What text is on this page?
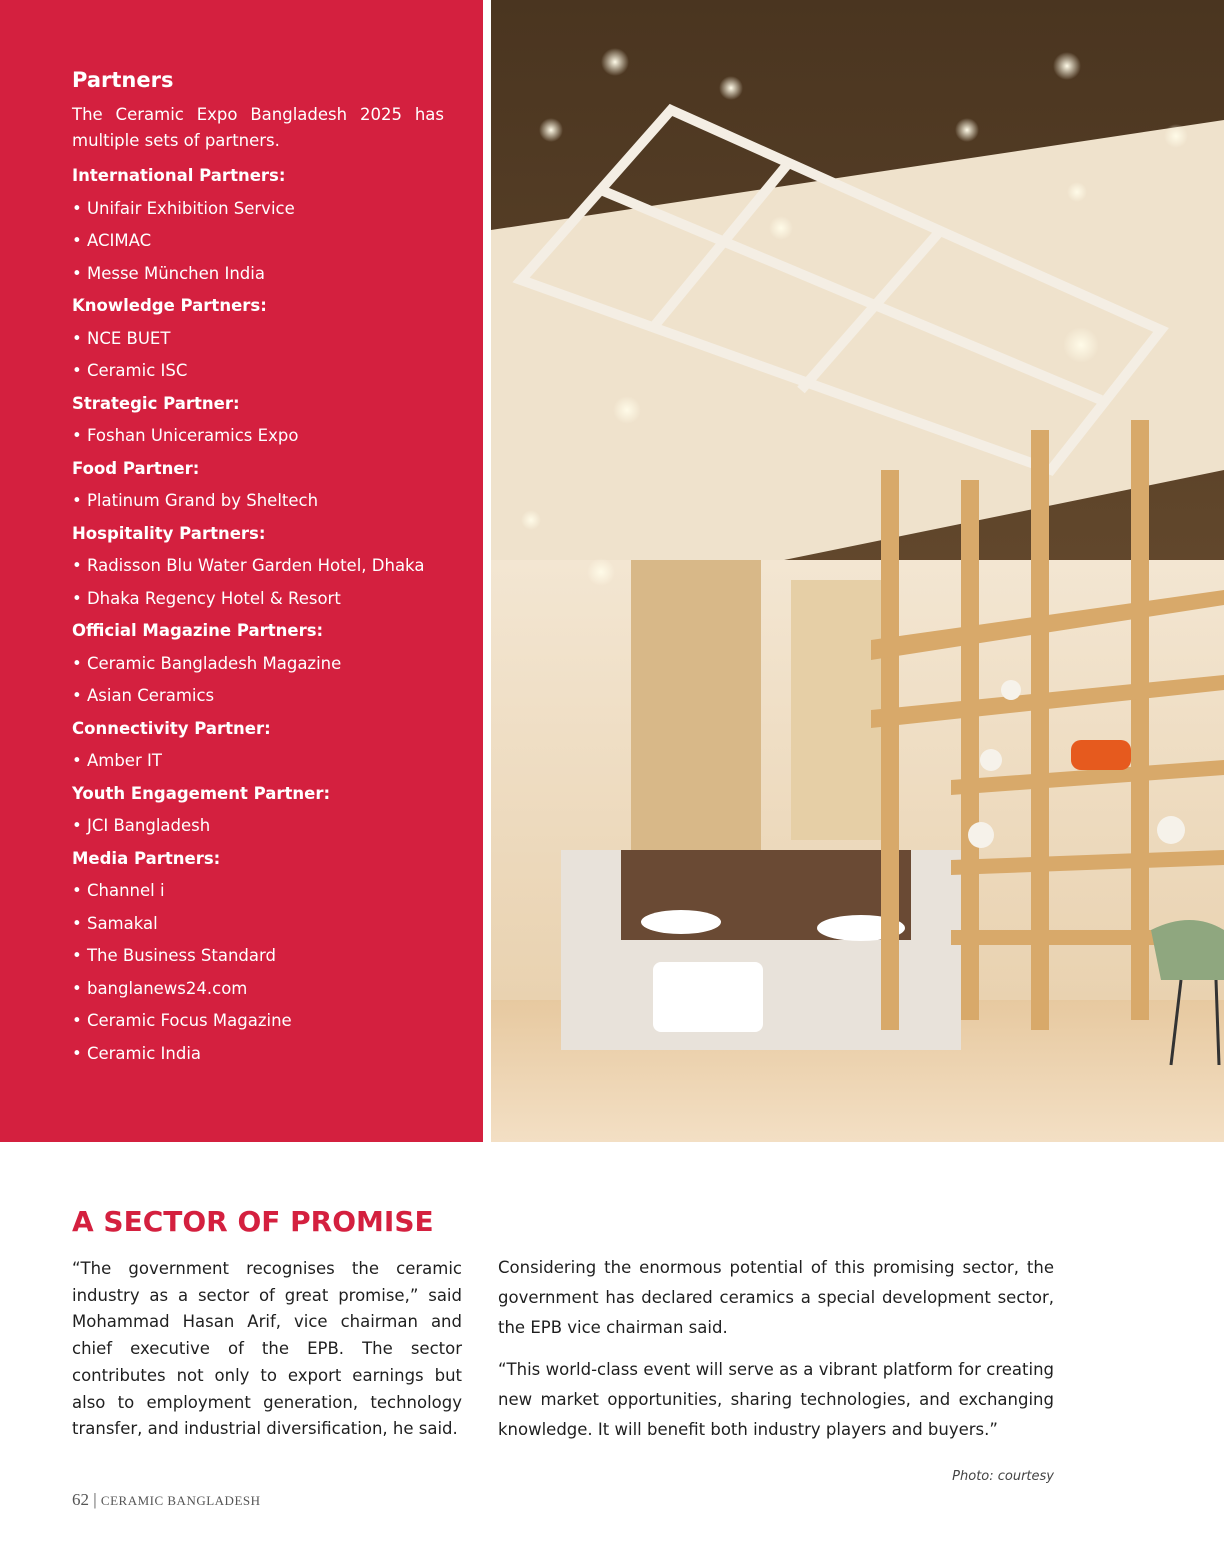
Partners

The Ceramic Expo Bangladesh 2025 has multiple sets of partners.

International Partners:
• Unifair Exhibition Service
• ACIMAC
• Messe München India
Knowledge Partners:
• NCE BUET
• Ceramic ISC
Strategic Partner:
• Foshan Uniceramics Expo
Food Partner:
• Platinum Grand by Sheltech
Hospitality Partners:
• Radisson Blu Water Garden Hotel, Dhaka
• Dhaka Regency Hotel & Resort
Official Magazine Partners:
• Ceramic Bangladesh Magazine
• Asian Ceramics
Connectivity Partner:
• Amber IT
Youth Engagement Partner:
• JCI Bangladesh
Media Partners:
• Channel i
• Samakal
• The Business Standard
• banglanews24.com
• Ceramic Focus Magazine
• Ceramic India
A SECTOR OF PROMISE

“The government recognises the ceramic industry as a sector of great promise,” said Mohammad Hasan Arif, vice chairman and chief executive of the EPB. The sector contributes not only to export earnings but also to employment generation, technology transfer, and industrial diversification, he said.

Considering the enormous potential of this promising sector, the government has declared ceramics a special development sector, the EPB vice chairman said.

“This world-class event will serve as a vibrant platform for creating new market opportunities, sharing technologies, and exchanging knowledge. It will benefit both industry players and buyers.”

Photo: courtesy
62 | CERAMIC BANGLADESH
